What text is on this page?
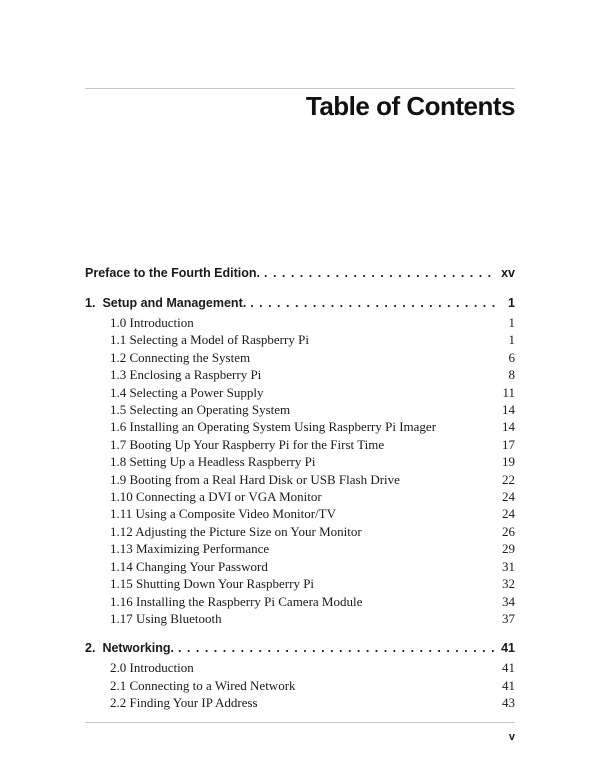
Table of Contents
Preface to the Fourth Edition. . . .	xv
1. Setup and Management. . . .	1
1.0 Introduction	1
1.1 Selecting a Model of Raspberry Pi	1
1.2 Connecting the System	6
1.3 Enclosing a Raspberry Pi	8
1.4 Selecting a Power Supply	11
1.5 Selecting an Operating System	14
1.6 Installing an Operating System Using Raspberry Pi Imager	14
1.7 Booting Up Your Raspberry Pi for the First Time	17
1.8 Setting Up a Headless Raspberry Pi	19
1.9 Booting from a Real Hard Disk or USB Flash Drive	22
1.10 Connecting a DVI or VGA Monitor	24
1.11 Using a Composite Video Monitor/TV	24
1.12 Adjusting the Picture Size on Your Monitor	26
1.13 Maximizing Performance	29
1.14 Changing Your Password	31
1.15 Shutting Down Your Raspberry Pi	32
1.16 Installing the Raspberry Pi Camera Module	34
1.17 Using Bluetooth	37
2. Networking. . . .	41
2.0 Introduction	41
2.1 Connecting to a Wired Network	41
2.2 Finding Your IP Address	43
v
